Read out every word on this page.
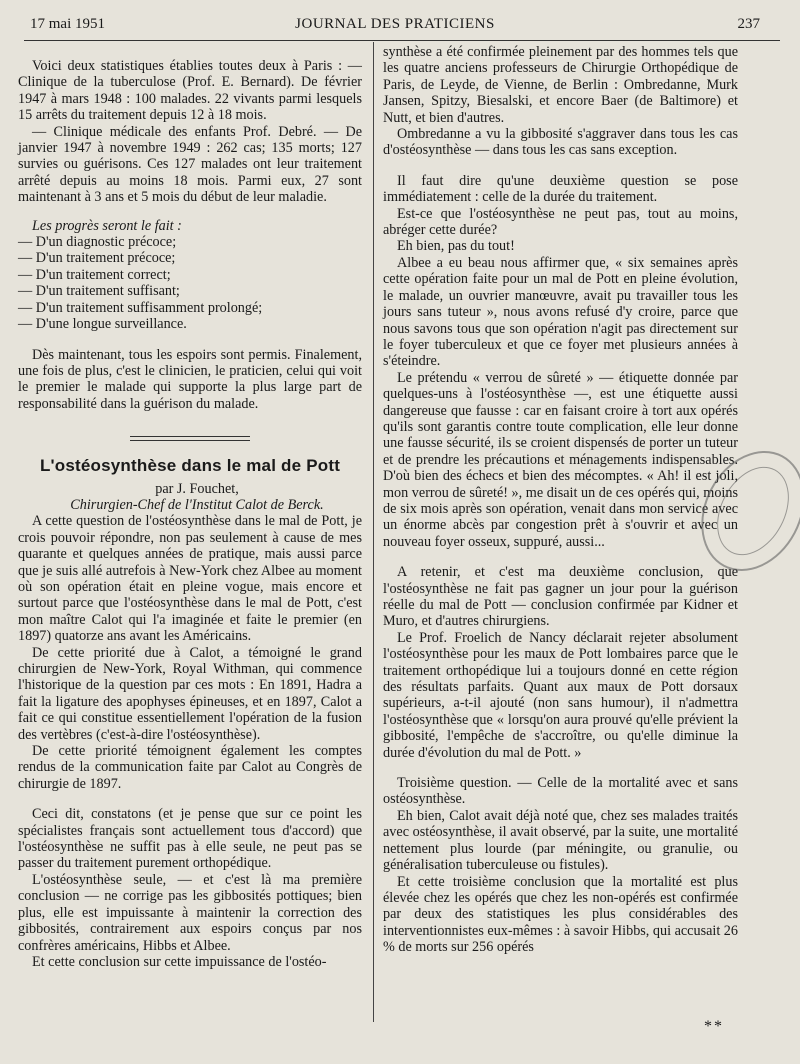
17 mai 1951	JOURNAL DES PRATICIENS	237

Voici deux statistiques établies toutes deux à Paris : — Clinique de la tuberculose (Prof. E. Bernard). De février 1947 à mars 1948 : 100 malades. 22 vivants parmi lesquels 15 arrêts du traitement depuis 12 à 18 mois.

— Clinique médicale des enfants Prof. Debré. — De janvier 1947 à novembre 1949 : 262 cas; 135 morts; 127 survies ou guérisons. Ces 127 malades ont leur traitement arrêté depuis au moins 18 mois. Parmi eux, 27 sont maintenant à 3 ans et 5 mois du début de leur maladie.

Les progrès seront le fait :
— D'un diagnostic précoce;
— D'un traitement précoce;
— D'un traitement correct;
— D'un traitement suffisant;
— D'un traitement suffisamment prolongé;
— D'une longue surveillance.

Dès maintenant, tous les espoirs sont permis. Finalement, une fois de plus, c'est le clinicien, le praticien, celui qui voit le premier le malade qui supporte la plus large part de responsabilité dans la guérison du malade.

L'ostéosynthèse dans le mal de Pott

par J. Fouchet,

Chirurgien-Chef de l'Institut Calot de Berck.

A cette question de l'ostéosynthèse dans le mal de Pott, je crois pouvoir répondre, non pas seulement à cause de mes quarante et quelques années de pratique, mais aussi parce que je suis allé autrefois à New-York chez Albee au moment où son opération était en pleine vogue, mais encore et surtout parce que l'ostéosynthèse dans le mal de Pott, c'est mon maître Calot qui l'a imaginée et faite le premier (en 1897) quatorze ans avant les Américains.

De cette priorité due à Calot, a témoigné le grand chirurgien de New-York, Royal Withman, qui commence l'historique de la question par ces mots : En 1891, Hadra a fait la ligature des apophyses épineuses, et en 1897, Calot a fait ce qui constitue essentiellement l'opération de la fusion des vertèbres (c'est-à-dire l'ostéosynthèse).

De cette priorité témoignent également les comptes rendus de la communication faite par Calot au Congrès de chirurgie de 1897.

Ceci dit, constatons (et je pense que sur ce point les spécialistes français sont actuellement tous d'accord) que l'ostéosynthèse ne suffit pas à elle seule, ne peut pas se passer du traitement purement orthopédique.

L'ostéosynthèse seule, — et c'est là ma première conclusion — ne corrige pas les gibbosités pottiques; bien plus, elle est impuissante à maintenir la correction des gibbosités, contrairement aux espoirs conçus par nos confrères américains, Hibbs et Albee.

Et cette conclusion sur cette impuissance de l'ostéo-

synthèse a été confirmée pleinement par des hommes tels que les quatre anciens professeurs de Chirurgie Orthopédique de Paris, de Leyde, de Vienne, de Berlin : Ombredanne, Murk Jansen, Spitzy, Biesalski, et encore Baer (de Baltimore) et Nutt, et bien d'autres.

Ombredanne a vu la gibbosité s'aggraver dans tous les cas d'ostéosynthèse — dans tous les cas sans exception.

Il faut dire qu'une deuxième question se pose immédiatement : celle de la durée du traitement.

Est-ce que l'ostéosynthèse ne peut pas, tout au moins, abréger cette durée?

Eh bien, pas du tout!

Albee a eu beau nous affirmer que, « six semaines après cette opération faite pour un mal de Pott en pleine évolution, le malade, un ouvrier manœuvre, avait pu travailler tous les jours sans tuteur », nous avons refusé d'y croire, parce que nous savons tous que son opération n'agit pas directement sur le foyer tuberculeux et que ce foyer met plusieurs années à s'éteindre.

Le prétendu « verrou de sûreté » — étiquette donnée par quelques-uns à l'ostéosynthèse —, est une étiquette aussi dangereuse que fausse : car en faisant croire à tort aux opérés qu'ils sont garantis contre toute complication, elle leur donne une fausse sécurité, ils se croient dispensés de porter un tuteur et de prendre les précautions et ménagements indispensables. D'où bien des échecs et bien des mécomptes. « Ah! il est joli, mon verrou de sûreté! », me disait un de ces opérés qui, moins de six mois après son opération, venait dans mon service avec un énorme abcès par congestion prêt à s'ouvrir et avec un nouveau foyer osseux, suppuré, aussi...

A retenir, et c'est ma deuxième conclusion, que l'ostéosynthèse ne fait pas gagner un jour pour la guérison réelle du mal de Pott — conclusion confirmée par Kidner et Muro, et d'autres chirurgiens.

Le Prof. Froelich de Nancy déclarait rejeter absolument l'ostéosynthèse pour les maux de Pott lombaires parce que le traitement orthopédique lui a toujours donné en cette région des résultats parfaits. Quant aux maux de Pott dorsaux supérieurs, a-t-il ajouté (non sans humour), il n'admettra l'ostéosynthèse que « lorsqu'on aura prouvé qu'elle prévient la gibbosité, l'empêche de s'accroître, ou qu'elle diminue la durée d'évolution du mal de Pott. »

Troisième question. — Celle de la mortalité avec et sans ostéosynthèse.

Eh bien, Calot avait déjà noté que, chez ses malades traités avec ostéosynthèse, il avait observé, par la suite, une mortalité nettement plus lourde (par méningite, ou granulie, ou généralisation tuberculeuse ou fistules).

Et cette troisième conclusion que la mortalité est plus élevée chez les opérés que chez les non-opérés est confirmée par deux des statistiques les plus considérables des interventionnistes eux-mêmes : à savoir Hibbs, qui accusait 26 % de morts sur 256 opérés

**
